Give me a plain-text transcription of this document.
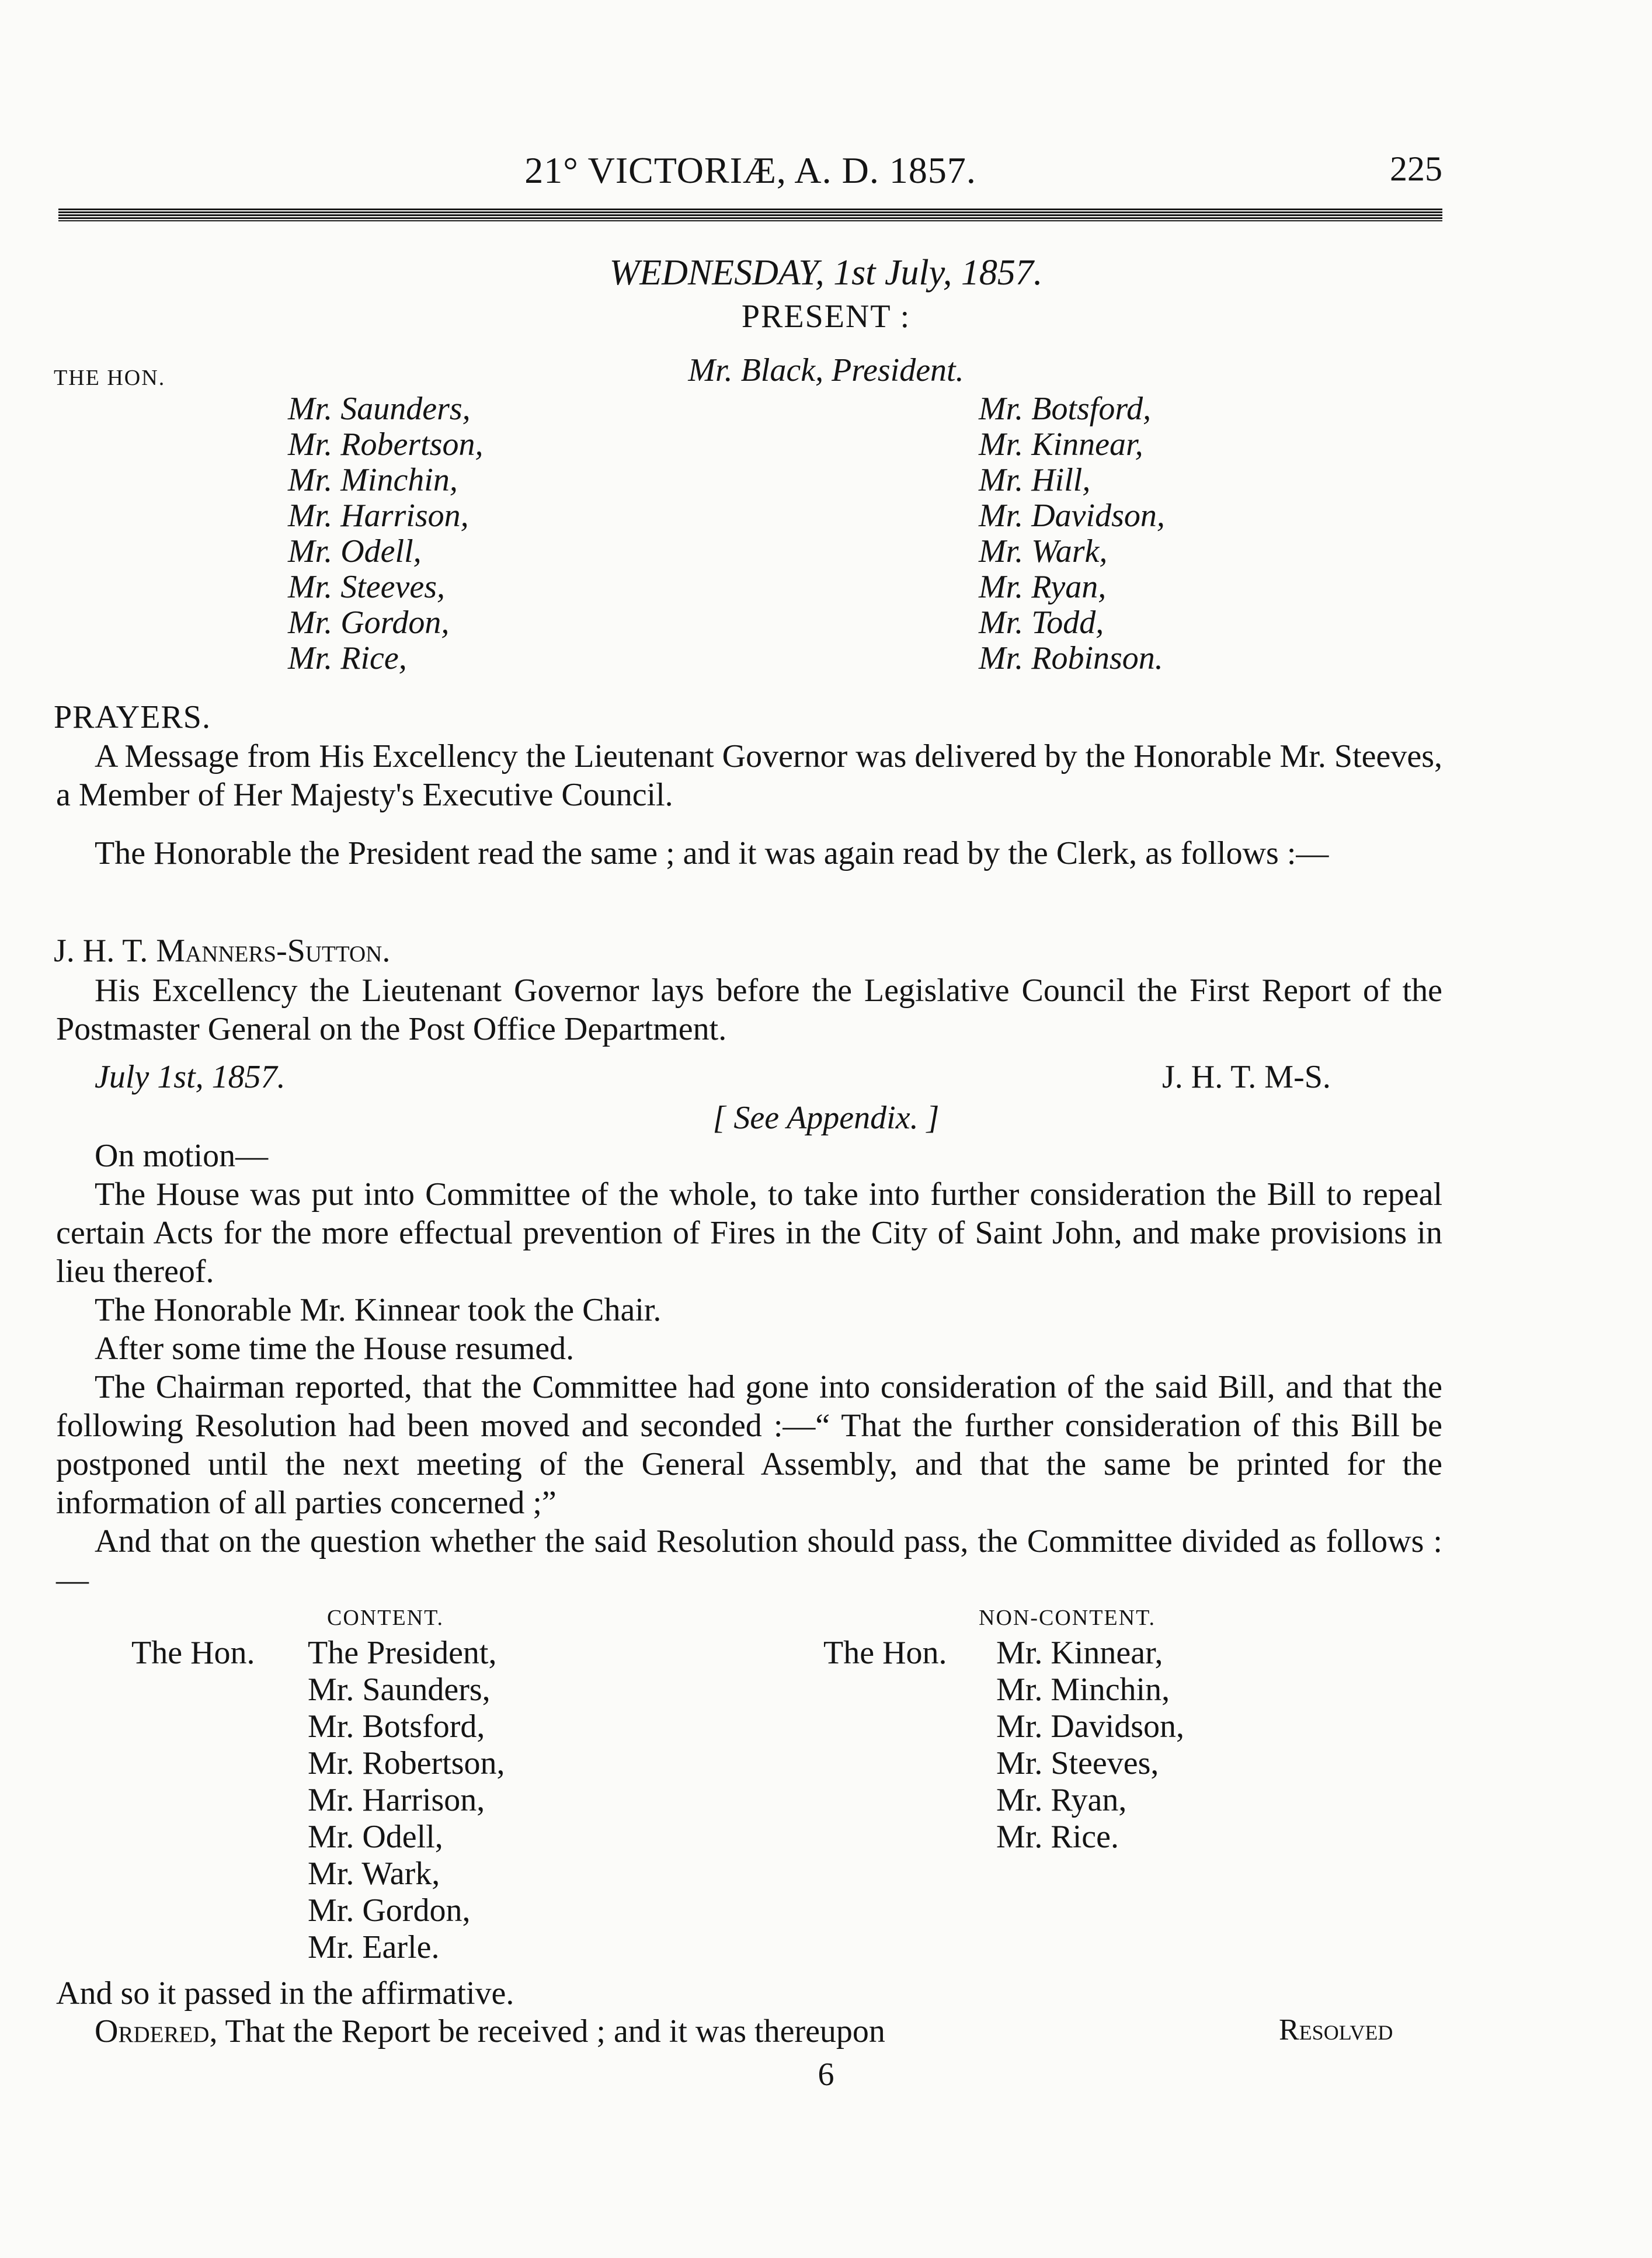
21° VICTORIÆ, A. D. 1857.	225
WEDNESDAY, 1st July, 1857.
PRESENT :
THE HON.	Mr. Black, President.
Mr. Saunders,
Mr. Robertson,
Mr. Minchin,
Mr. Harrison,
Mr. Odell,
Mr. Steeves,
Mr. Gordon,
Mr. Rice,
Mr. Botsford,
Mr. Kinnear,
Mr. Hill,
Mr. Davidson,
Mr. Wark,
Mr. Ryan,
Mr. Todd,
Mr. Robinson.
PRAYERS.
A Message from His Excellency the Lieutenant Governor was delivered by the Honorable Mr. Steeves, a Member of Her Majesty's Executive Council.
The Honorable the President read the same ; and it was again read by the Clerk, as follows :—
J. H. T. Manners-Sutton.
His Excellency the Lieutenant Governor lays before the Legislative Council the First Report of the Postmaster General on the Post Office Department.
July 1st, 1857.	J. H. T. M-S.
[ See Appendix. ]
On motion—
The House was put into Committee of the whole, to take into further consideration the Bill to repeal certain Acts for the more effectual prevention of Fires in the City of Saint John, and make provisions in lieu thereof.
The Honorable Mr. Kinnear took the Chair.
After some time the House resumed.
The Chairman reported, that the Committee had gone into consideration of the said Bill, and that the following Resolution had been moved and seconded :—“ That the further consideration of this Bill be postponed until the next meeting of the General Assembly, and that the same be printed for the information of all parties concerned ;”
And that on the question whether the said Resolution should pass, the Committee divided as follows :—
CONTENT.	NON-CONTENT.
The Hon. The President,
Mr. Saunders,
Mr. Botsford,
Mr. Robertson,
Mr. Harrison,
Mr. Odell,
Mr. Wark,
Mr. Gordon,
Mr. Earle.
The Hon. Mr. Kinnear,
Mr. Minchin,
Mr. Davidson,
Mr. Steeves,
Mr. Ryan,
Mr. Rice.
And so it passed in the affirmative.
Ordered, That the Report be received ; and it was thereupon	Resolved
6
